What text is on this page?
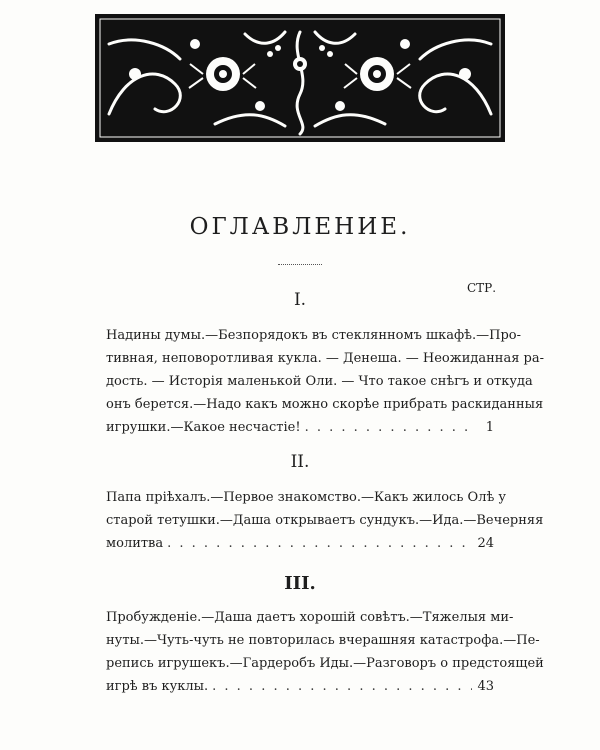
ОГЛАВЛЕНИЕ.
СТР.
I.
Надины думы.—Безпорядокъ въ стеклянномъ шкафѣ.—Про-
тивная, неповоротливая кукла. — Денеша. — Неожиданная ра-
дость. — Исторія маленькой Оли. — Что такое снѣгъ и откуда
онъ берется.—Надо какъ можно скорѣе прибрать раскиданныя
игрушки.—Какое несчастіе! . . .	1
II.
Папа пріѣхалъ.—Первое знакомство.—Какъ жилось Олѣ у
старой тетушки.—Даша открываетъ сундукъ.—Ида.—Вечерняя
молитва . . .	24
III.
Пробужденіе.—Даша даетъ хорошій совѣтъ.—Тяжелыя ми-
нуты.—Чуть-чуть не повторилась вчерашняя катастрофа.—Пе-
репись игрушекъ.—Гардеробъ Иды.—Разговоръ о предстоящей
игрѣ въ куклы. . . .	43
